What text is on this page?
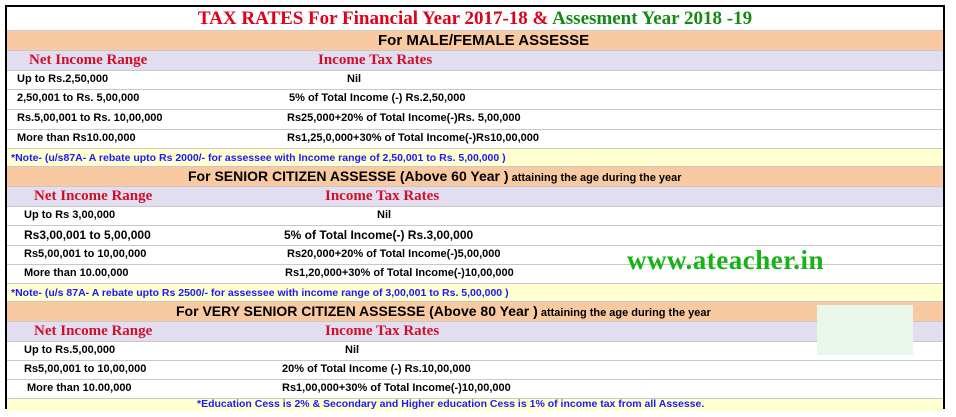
TAX RATES For Financial Year 2017-18 & Assesment Year 2018 -19
For MALE/FEMALE ASSESSE
Net Income Range	Income Tax Rates
Up to Rs.2,50,000	Nil
2,50,001 to Rs. 5,00,000	5% of Total Income (-) Rs.2,50,000
Rs.5,00,001 to Rs. 10,00,000	Rs25,000+20% of Total Income(-)Rs. 5,00,000
More than Rs10.00,000	Rs1,25,0,000+30% of Total Income(-)Rs10,00,000
*Note- (u/s87A- A rebate upto Rs 2000/- for assessee with Income range of 2,50,001 to Rs. 5,00,000 )
For SENIOR CITIZEN ASSESSE (Above 60 Year ) attaining the age during the year
Net Income Range	Income Tax Rates
Up to Rs 3,00,000	Nil
Rs3,00,001 to 5,00,000	5% of Total Income(-) Rs.3,00,000
Rs5,00,001 to 10,00,000	Rs20,000+20% of Total Income(-)5,00,000
More than 10.00,000	Rs1,20,000+30% of Total Income(-)10,00,000
*Note- (u/s 87A- A rebate upto Rs 2500/- for assessee with income range of 3,00,001 to Rs. 5,00,000 )
For VERY SENIOR CITIZEN ASSESSE (Above 80 Year ) attaining the age during the year
Net Income Range	Income Tax Rates
Up to Rs.5,00,000	Nil
Rs5,00,001 to 10,00,000	20% of Total Income (-) Rs.10,00,000
More than 10.00,000	Rs1,00,000+30% of Total Income(-)10,00,000
*Education Cess is 2% & Secondary and Higher education Cess is 1% of income tax from all Assesse.
www.ateacher.in
